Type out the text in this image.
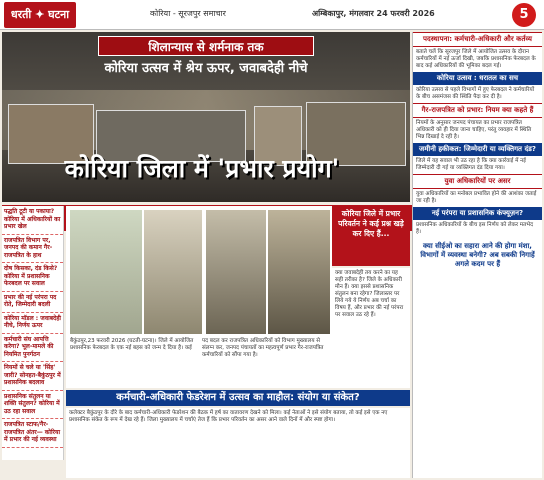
धरती ✦ घटना	कोरिया - सूरजपुर समाचार	अम्बिकापुर, मंगलवार 24 फरवरी 2026	5
शिलान्यास से शर्मनाक तक
कोरिया उत्सव में श्रेय ऊपर, जवाबदेही नीचे
कोरिया जिला में 'प्रभार प्रयोग'
पद्धति टूटी या पकाया? कोरिया में अधिकारियों का प्रभार खेल
राजपत्रित विभाग पर, जनपद की कमान गैर-राजपत्रित के हाथ
दोष किसका, दंड किसे? कोरिया में प्रशासनिक फेरबदल पर सवाल
प्रभार की नई परंपरा पद रोते, जिम्मेदारी बदली
कोरिया मॉडल : जवाबदेही नीचे, निर्णय ऊपर
कर्मचारी संघ आपत्ति करेगा? भूल-मामले की नियमित पुनर्गठन
नियमों से चले या 'सिंह' जारी? सोनहत-बैकुंठपुर में प्रशासनिक बदलाव
प्रशासनिक संतुलन या शक्ति संतुलन? कोरिया में उठ रहा सवाल
राजपत्रित स्टाफ/गैर-राजपत्रित अंतर— कोरिया में प्रभार की नई व्यवस्था
बैकुंठपुर,23 फरवरी 2026 (घटती-घटना)। जिले में आयोजित प्रशासनिक फेरबदल के एक नई बहस को जन्म दे दिया है। कई
पद बदल कर राजपत्रित अधिकारियों को विभाग मुख्यालय से संलग्न कर, जनपद पंचायतों का महत्वपूर्ण प्रभार गैर-राजपत्रित कर्मचारियों को सौंपा गया है।
कोरिया जिले में प्रभार परिवर्तन ने कई प्रश्न खड़े कर दिए हैं...
क्या जवाबदेही तय करने का यह सही तरीका है? जिले के अधिकारी मौन हैं। क्या इससे प्रशासनिक संतुलन बना रहेगा? जिलास्तर पर लिये गये ये निर्णय अब चर्चा का विषय हैं, और प्रभार की नई परंपरा पर सवाल उठ रहे हैं।
कर्मचारी-अधिकारी फेडरेशन में उत्सव का माहौल: संयोग या संकेत?
कलेक्टर बैकुंठपुर के दौरे के बाद कर्मचारी-अधिकारी फेडरेशन की बैठक में हर्ष का वातावरण देखने को मिला। कई नेताओं ने इसे संयोग बताया, तो कई इसे एक नए प्रशासनिक संकेत के रूप में देख रहे हैं। जिला मुख्यालय में चर्चाएं तेज हैं कि प्रभार परिवर्तन का असर आने वाले दिनों में और स्पष्ट होगा।
पदस्थापना: कर्मचारी-अधिकारी और कर्तव्य
बताते चलें कि सूरजपुर जिले में आयोजित उत्सव के दौरान कर्मचारियों में नई ऊर्जा दिखी, जबकि प्रशासनिक फेरबदल के बाद कई अधिकारियों की भूमिका बदल गई।
कोरिया उत्सव : धरातल का सच
कोरिया उत्सव से पहले विभागों में हुए फेरबदल ने कर्मचारियों के बीच असमंजस की स्थिति पैदा कर दी है।
गैर-राजपत्रित को प्रभार: नियम क्या कहते हैं
नियमों के अनुसार जनपद पंचायत का प्रभार राजपत्रित अधिकारी को ही दिया जाना चाहिए, परंतु व्यवहार में स्थिति भिन्न दिखाई दे रही है।
जमीनी हकीकत: जिम्मेदारी या व्यक्तिगत दंड?
जिले में यह सवाल भी उठ रहा है कि क्या कार्रवाई में नई जिम्मेदारी दी गई या व्यक्तिगत दंड दिया गया।
युवा अधिकारियों पर असर
युवा अधिकारियों का मनोबल प्रभावित होने की आशंका जताई जा रही है।
नई परंपरा या प्रशासनिक कंफ्यूज़न?
प्रशासनिक अधिकारियों के बीच इस निर्णय को लेकर मतभेद हैं।
क्या सीईओ का सहारा आने की होगा मंशा, विभागों में व्यवस्था बनेगी? अब सबकी निगाहें अगले कदम पर हैं
